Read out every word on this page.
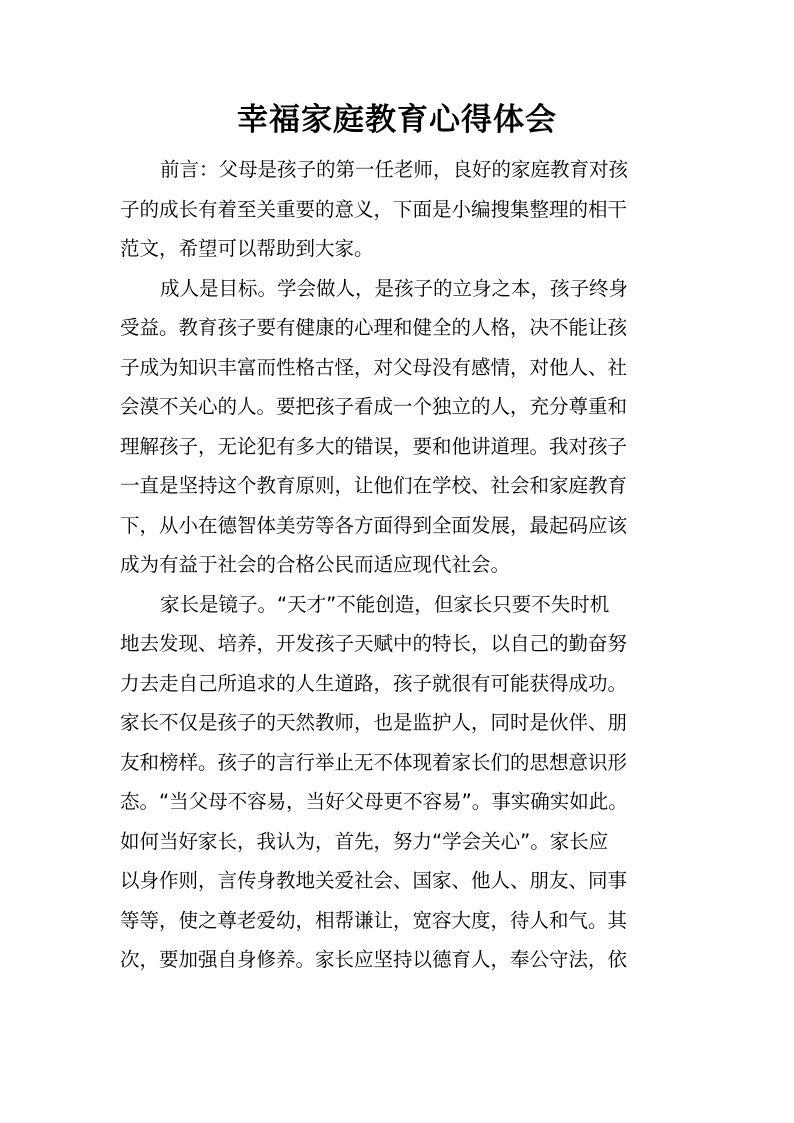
幸福家庭教育心得体会
前言：父母是孩子的第一任老师，良好的家庭教育对孩
子的成长有着至关重要的意义，下面是小编搜集整理的相干
范文，希望可以帮助到大家。
成人是目标。学会做人，是孩子的立身之本，孩子终身
受益。教育孩子要有健康的心理和健全的人格，决不能让孩
子成为知识丰富而性格古怪，对父母没有感情，对他人、社
会漠不关心的人。要把孩子看成一个独立的人，充分尊重和
理解孩子，无论犯有多大的错误，要和他讲道理。我对孩子
一直是坚持这个教育原则，让他们在学校、社会和家庭教育
下，从小在德智体美劳等各方面得到全面发展，最起码应该
成为有益于社会的合格公民而适应现代社会。
家长是镜子。“天才”不能创造，但家长只要不失时机
地去发现、培养，开发孩子天赋中的特长，以自己的勤奋努
力去走自己所追求的人生道路，孩子就很有可能获得成功。
家长不仅是孩子的天然教师，也是监护人，同时是伙伴、朋
友和榜样。孩子的言行举止无不体现着家长们的思想意识形
态。“当父母不容易，当好父母更不容易”。事实确实如此。
如何当好家长，我认为，首先，努力“学会关心”。家长应
以身作则，言传身教地关爱社会、国家、他人、朋友、同事
等等，使之尊老爱幼，相帮谦让，宽容大度，待人和气。其
次，要加强自身修养。家长应坚持以德育人，奉公守法，依
